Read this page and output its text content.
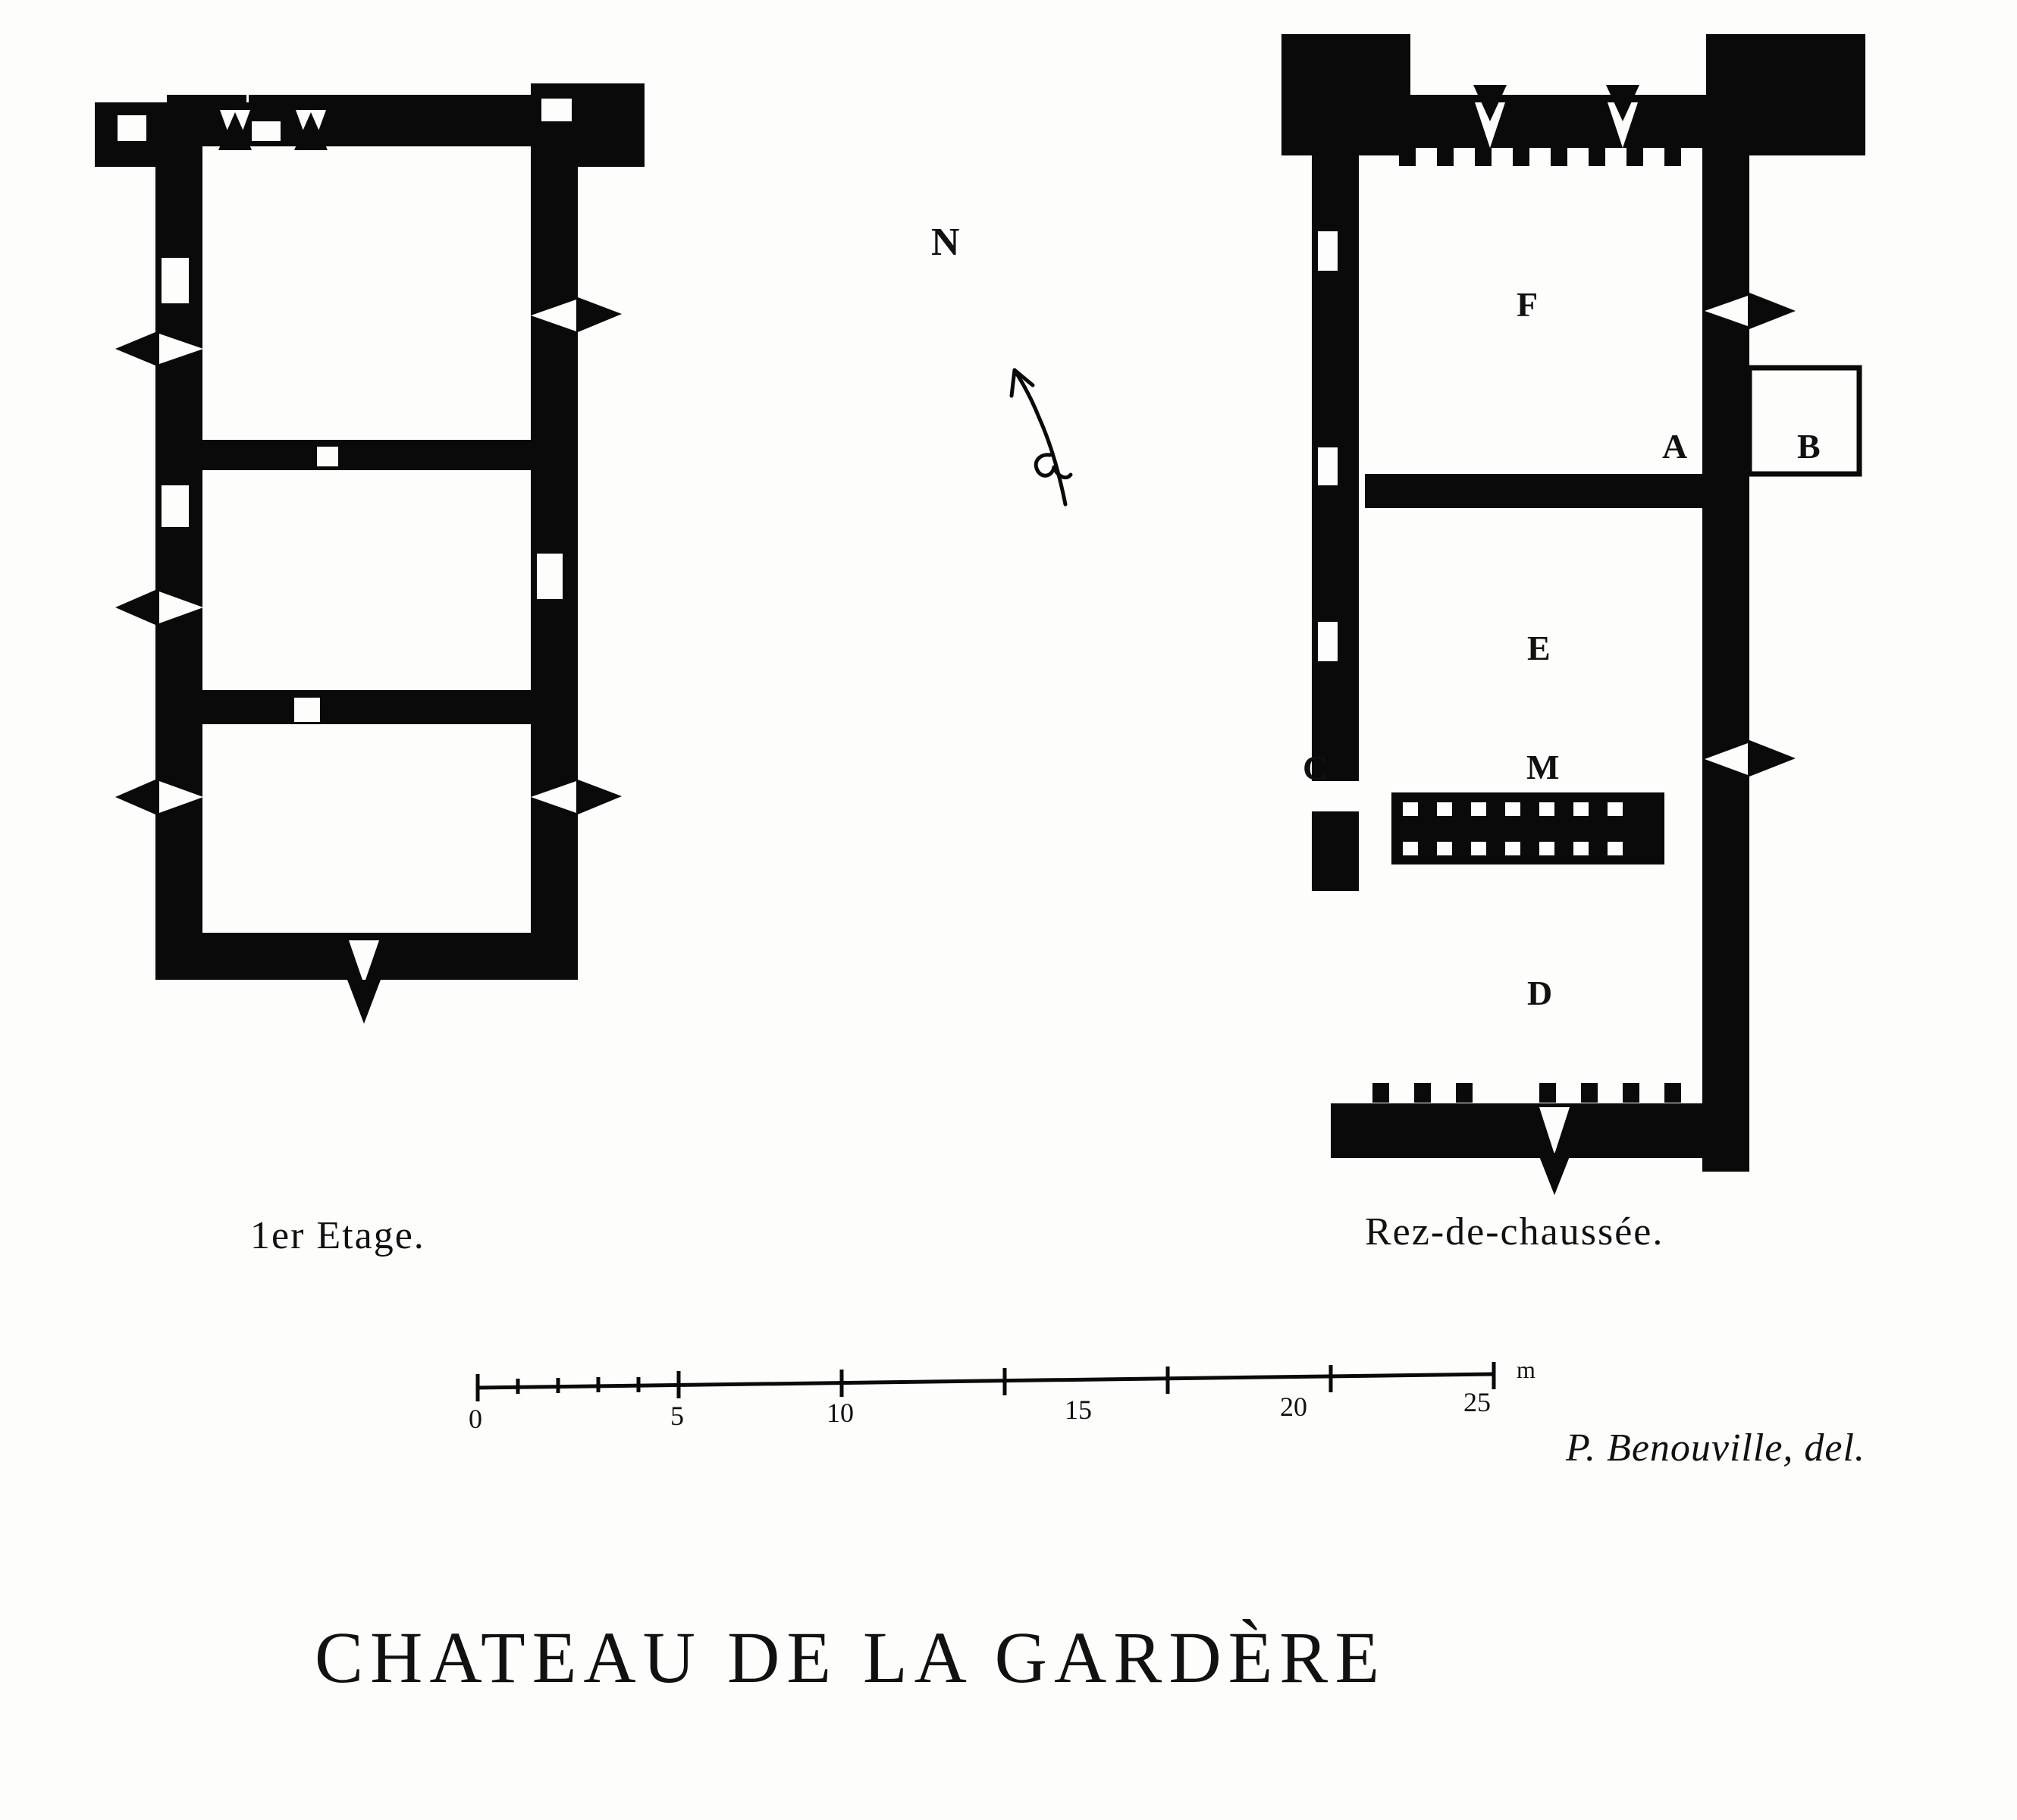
1er Etage.
N
F
A	B
E
C	M
D
Rez-de-chaussée.
0	5	10	15	20	25
m
P. Benouville, del.
CHATEAU DE LA GARDÈRE
